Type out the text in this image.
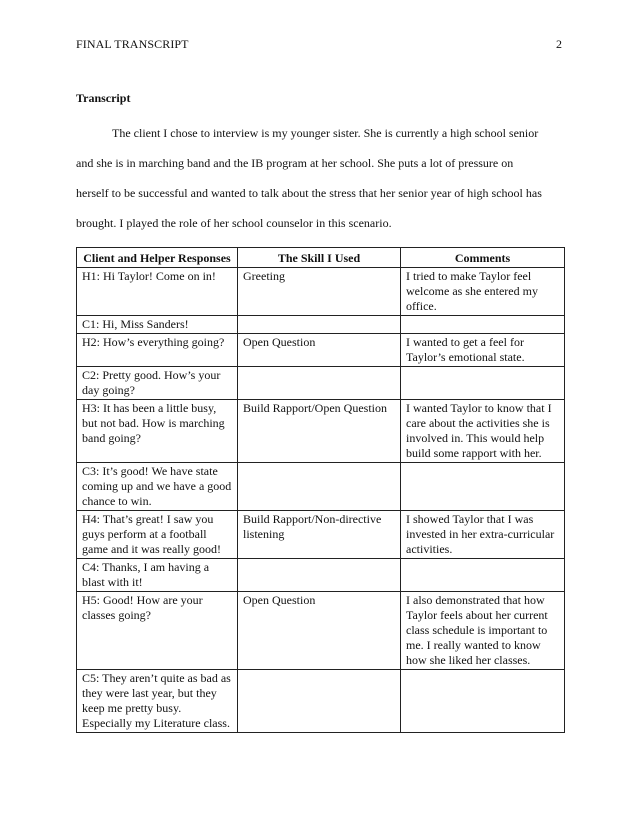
FINAL TRANSCRIPT	2
Transcript
The client I chose to interview is my younger sister. She is currently a high school senior
and she is in marching band and the IB program at her school. She puts a lot of pressure on
herself to be successful and wanted to talk about the stress that her senior year of high school has
brought. I played the role of her school counselor in this scenario.
Client and Helper Responses	The Skill I Used	Comments
H1: Hi Taylor! Come on in!	Greeting	I tried to make Taylor feel welcome as she entered my office.
C1: Hi, Miss Sanders!		
H2: How’s everything going?	Open Question	I wanted to get a feel for Taylor’s emotional state.
C2: Pretty good. How’s your day going?		
H3: It has been a little busy, but not bad. How is marching band going?	Build Rapport/Open Question	I wanted Taylor to know that I care about the activities she is involved in. This would help build some rapport with her.
C3: It’s good! We have state coming up and we have a good chance to win.		
H4: That’s great! I saw you guys perform at a football game and it was really good!	Build Rapport/Non-directive listening	I showed Taylor that I was invested in her extra-curricular activities.
C4: Thanks, I am having a blast with it!		
H5: Good! How are your classes going?	Open Question	I also demonstrated that how Taylor feels about her current class schedule is important to me. I really wanted to know how she liked her classes.
C5: They aren’t quite as bad as they were last year, but they keep me pretty busy. Especially my Literature class.		
